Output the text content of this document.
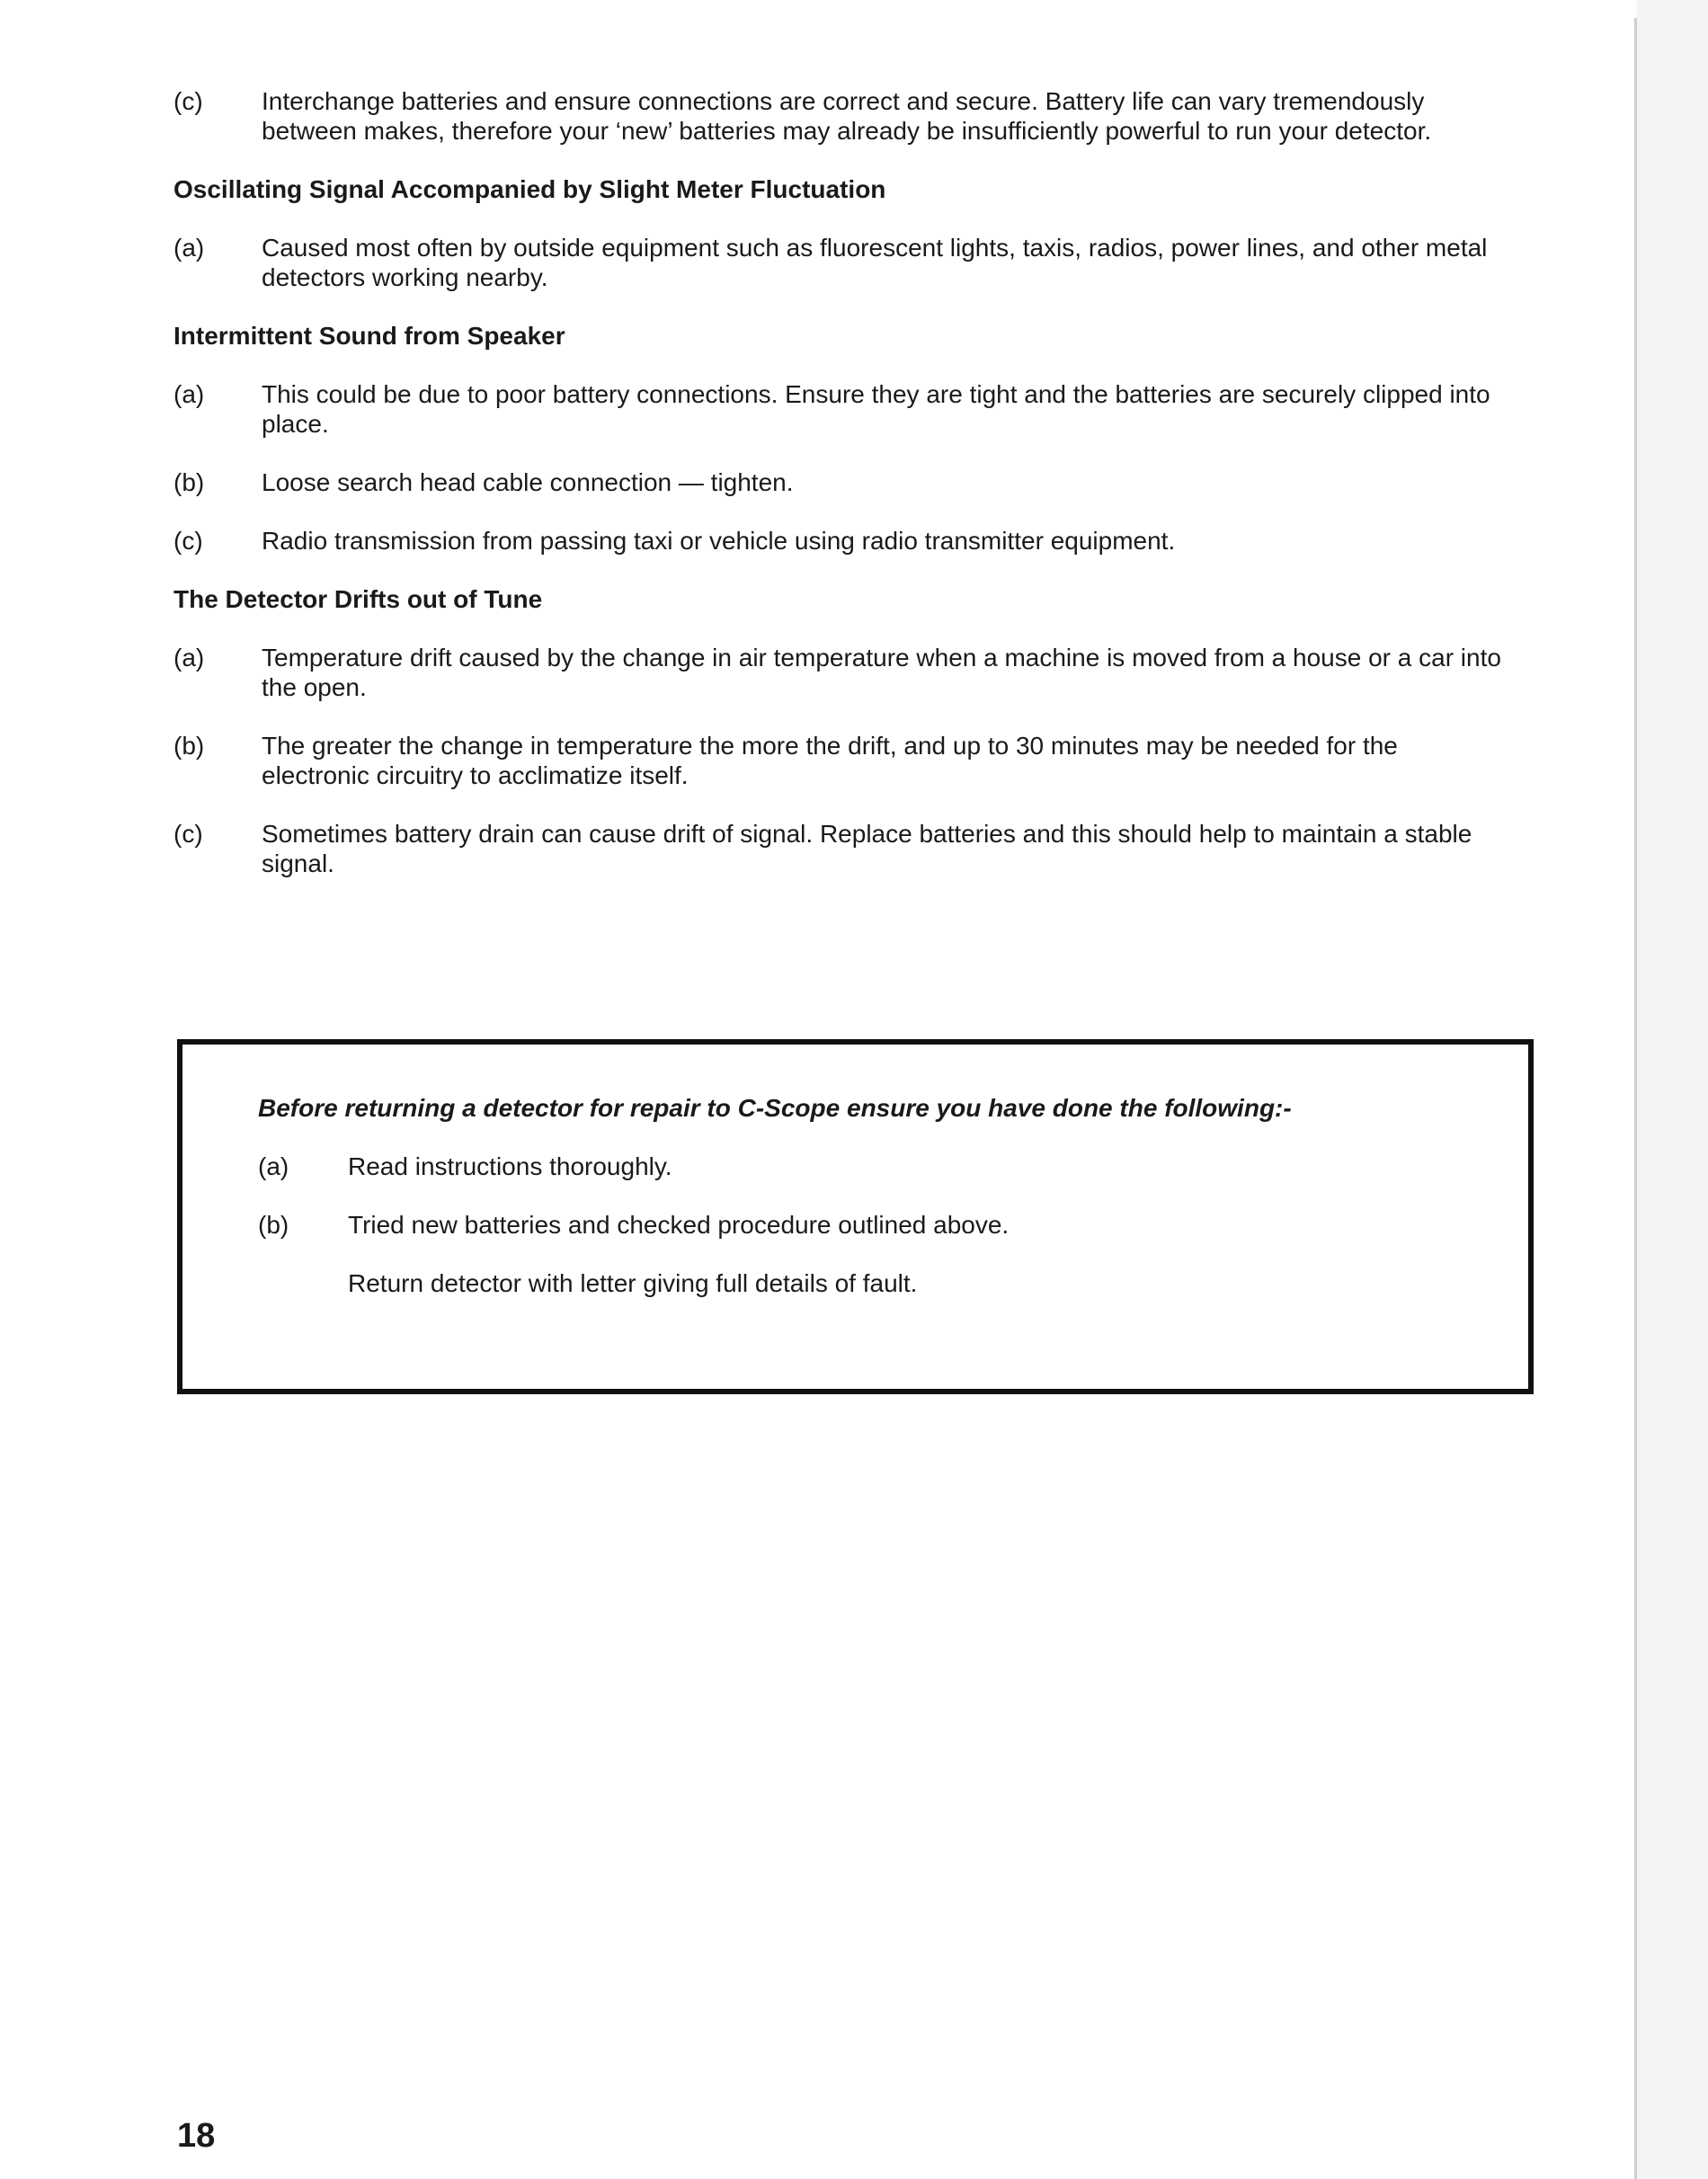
(c)	Interchange batteries and ensure connections are correct and secure. Battery life can vary tremendously between makes, therefore your ‘new’ batteries may already be insufficiently powerful to run your detector.
Oscillating Signal Accompanied by Slight Meter Fluctuation
(a)	Caused most often by outside equipment such as fluorescent lights, taxis, radios, power lines, and other metal detectors working nearby.
Intermittent Sound from Speaker
(a)	This could be due to poor battery connections. Ensure they are tight and the batteries are securely clipped into place.
(b)	Loose search head cable connection — tighten.
(c)	Radio transmission from passing taxi or vehicle using radio transmitter equipment.
The Detector Drifts out of Tune
(a)	Temperature drift caused by the change in air temperature when a machine is moved from a house or a car into the open.
(b)	The greater the change in temperature the more the drift, and up to 30 minutes may be needed for the electronic circuitry to acclimatize itself.
(c)	Sometimes battery drain can cause drift of signal. Replace batteries and this should help to maintain a stable signal.
Before returning a detector for repair to C-Scope ensure you have done the following:-
(a)	Read instructions thoroughly.
(b)	Tried new batteries and checked procedure outlined above.
Return detector with letter giving full details of fault.
18
